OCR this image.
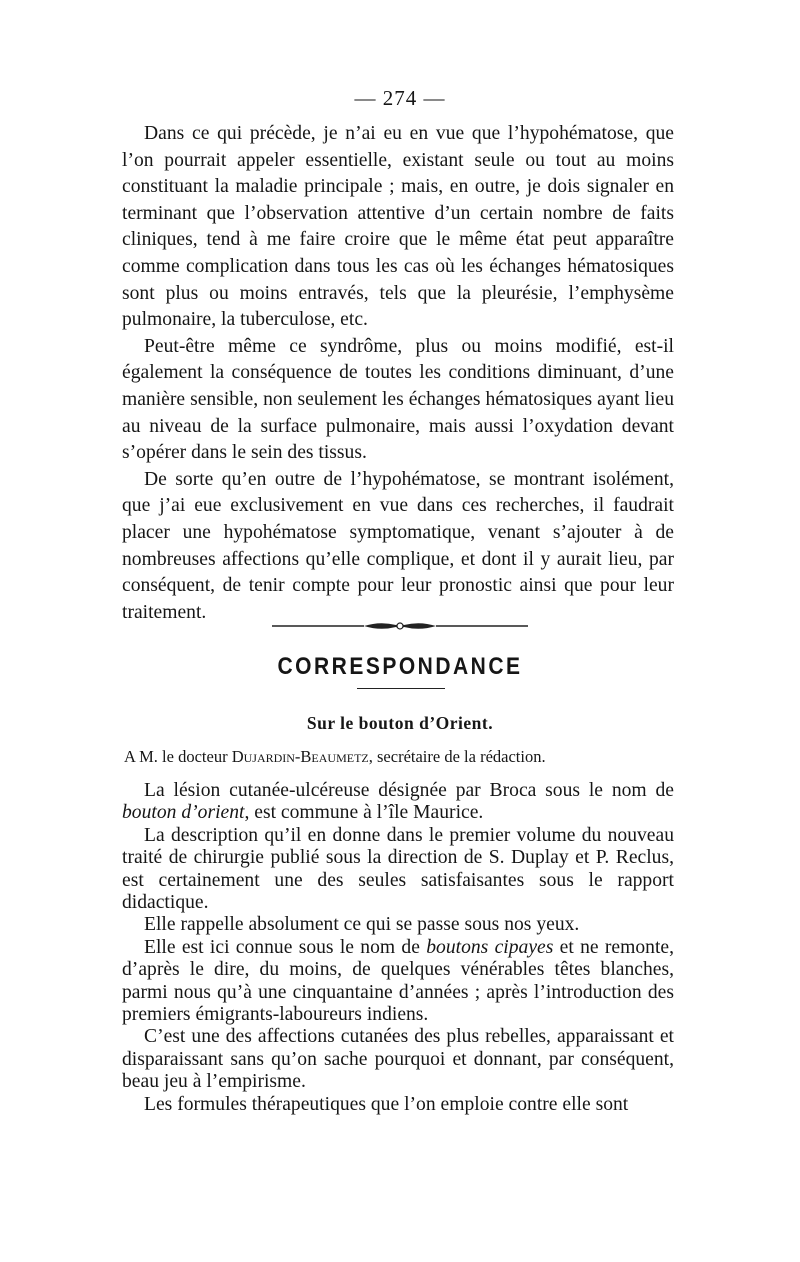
— 274 —

Dans ce qui précède, je n’ai eu en vue que l’hypohématose, que l’on pourrait appeler essentielle, existant seule ou tout au moins constituant la maladie principale ; mais, en outre, je dois signaler en terminant que l’observation attentive d’un certain nombre de faits cliniques, tend à me faire croire que le même état peut apparaître comme complication dans tous les cas où les échanges hématosiques sont plus ou moins entravés, tels que la pleurésie, l’emphysème pulmonaire, la tuberculose, etc.

Peut-être même ce syndrôme, plus ou moins modifié, est-il également la conséquence de toutes les conditions diminuant, d’une manière sensible, non seulement les échanges hématosiques ayant lieu au niveau de la surface pulmonaire, mais aussi l’oxydation devant s’opérer dans le sein des tissus.

De sorte qu’en outre de l’hypohématose, se montrant isolément, que j’ai eue exclusivement en vue dans ces recherches, il faudrait placer une hypohématose symptomatique, venant s’ajouter à de nombreuses affections qu’elle complique, et dont il y aurait lieu, par conséquent, de tenir compte pour leur pronostic ainsi que pour leur traitement.

CORRESPONDANCE
Sur le bouton d’Orient.
A M. le docteur Dujardin-Beaumetz, secrétaire de la rédaction.

La lésion cutanée-ulcéreuse désignée par Broca sous le nom de bouton d’orient, est commune à l’île Maurice.

La description qu’il en donne dans le premier volume du nouveau traité de chirurgie publié sous la direction de S. Duplay et P. Reclus, est certainement une des seules satisfaisantes sous le rapport didactique.

Elle rappelle absolument ce qui se passe sous nos yeux.

Elle est ici connue sous le nom de boutons cipayes et ne remonte, d’après le dire, du moins, de quelques vénérables têtes blanches, parmi nous qu’à une cinquantaine d’années ; après l’introduction des premiers émigrants-laboureurs indiens.

C’est une des affections cutanées des plus rebelles, apparaissant et disparaissant sans qu’on sache pourquoi et donnant, par conséquent, beau jeu à l’empirisme.

Les formules thérapeutiques que l’on emploie contre elle sont
